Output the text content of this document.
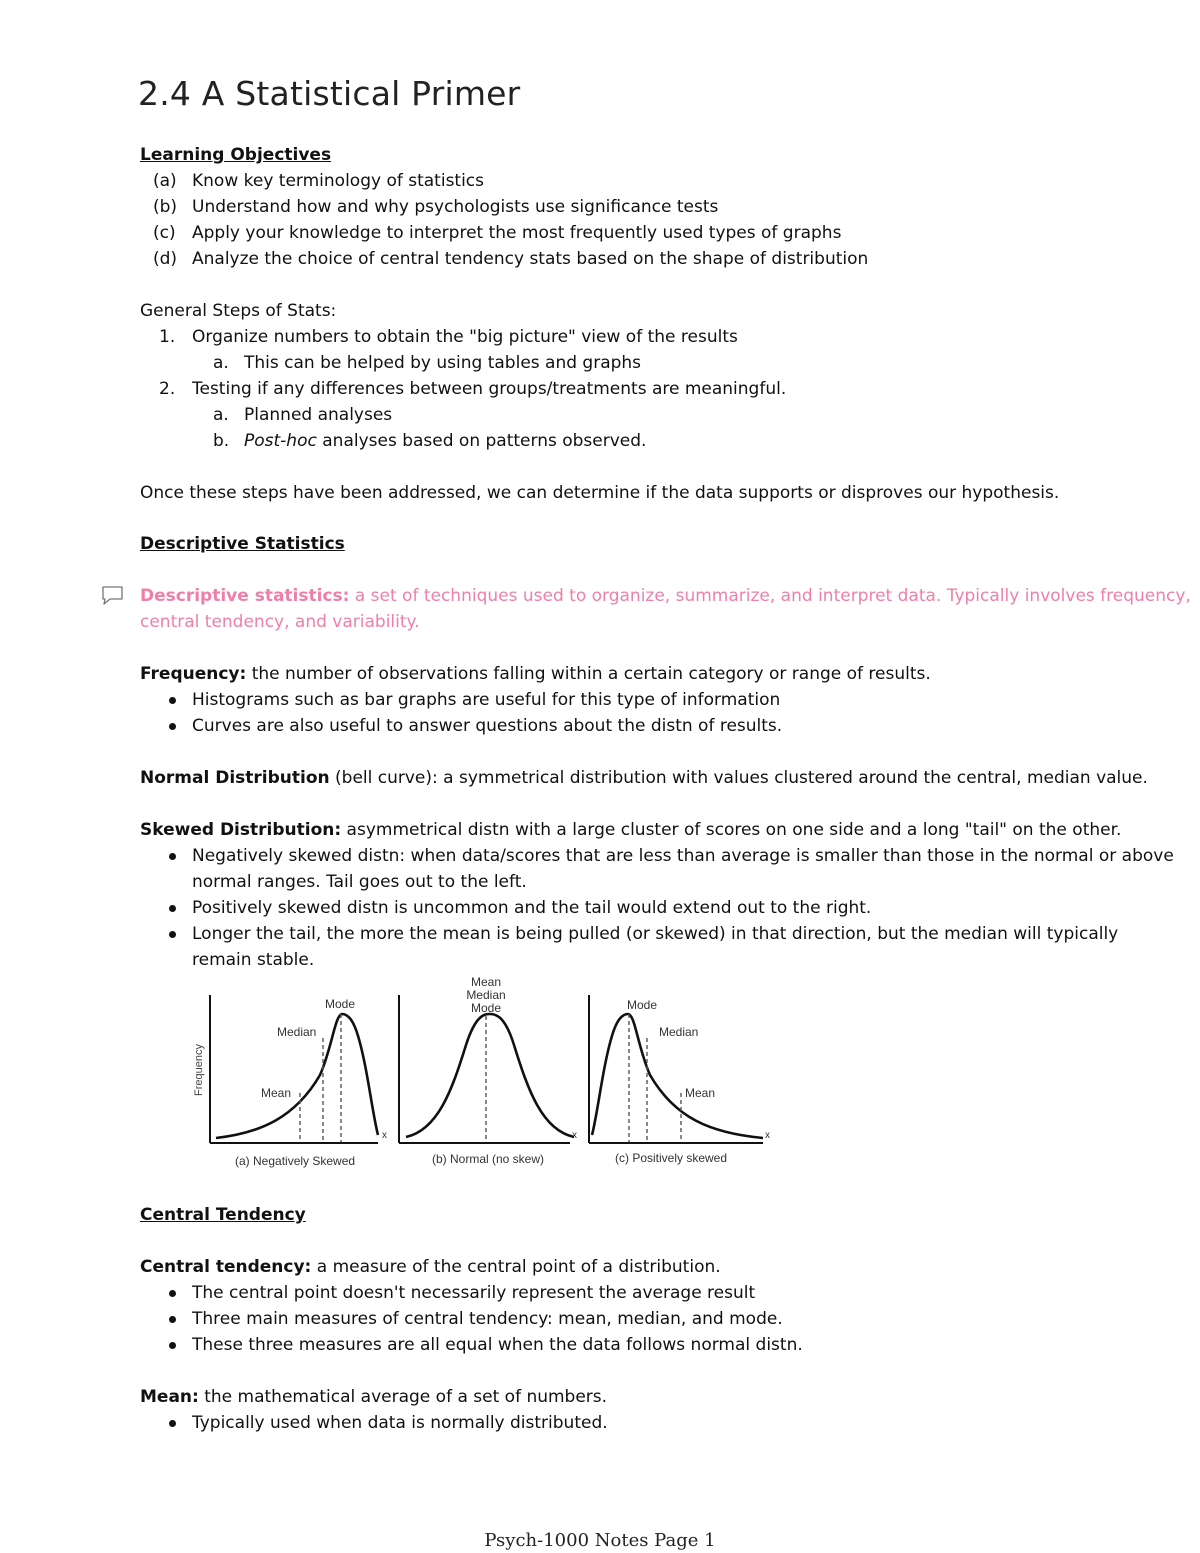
2.4 A Statistical Primer
Learning Objectives
(a) Know key terminology of statistics
(b) Understand how and why psychologists use significance tests
(c) Apply your knowledge to interpret the most frequently used types of graphs
(d) Analyze the choice of central tendency stats based on the shape of distribution
General Steps of Stats:
1. Organize numbers to obtain the "big picture" view of the results
a. This can be helped by using tables and graphs
2. Testing if any differences between groups/treatments are meaningful.
a. Planned analyses
b. Post-hoc analyses based on patterns observed.
Once these steps have been addressed, we can determine if the data supports or disproves our hypothesis.
Descriptive Statistics
Descriptive statistics: a set of techniques used to organize, summarize, and interpret data. Typically involves frequency,
central tendency, and variability.
Frequency: the number of observations falling within a certain category or range of results.
Histograms such as bar graphs are useful for this type of information
Curves are also useful to answer questions about the distn of results.
Normal Distribution (bell curve): a symmetrical distribution with values clustered around the central, median value.
Skewed Distribution: asymmetrical distn with a large cluster of scores on one side and a long "tail" on the other.
Negatively skewed distn: when data/scores that are less than average is smaller than those in the normal or above
normal ranges. Tail goes out to the left.
Positively skewed distn is uncommon and the tail would extend out to the right.
Longer the tail, the more the mean is being pulled (or skewed) in that direction, but the median will typically
remain stable.
Frequency
x
Mode
Median
Mean
(a) Negatively Skewed
x
Mean
Median
Mode
(b) Normal (no skew)
x
Mode
Median
Mean
(c) Positively skewed
Central Tendency
Central tendency: a measure of the central point of a distribution.
The central point doesn't necessarily represent the average result
Three main measures of central tendency: mean, median, and mode.
These three measures are all equal when the data follows normal distn.
Mean: the mathematical average of a set of numbers.
Typically used when data is normally distributed.
Psych-1000 Notes Page 1
